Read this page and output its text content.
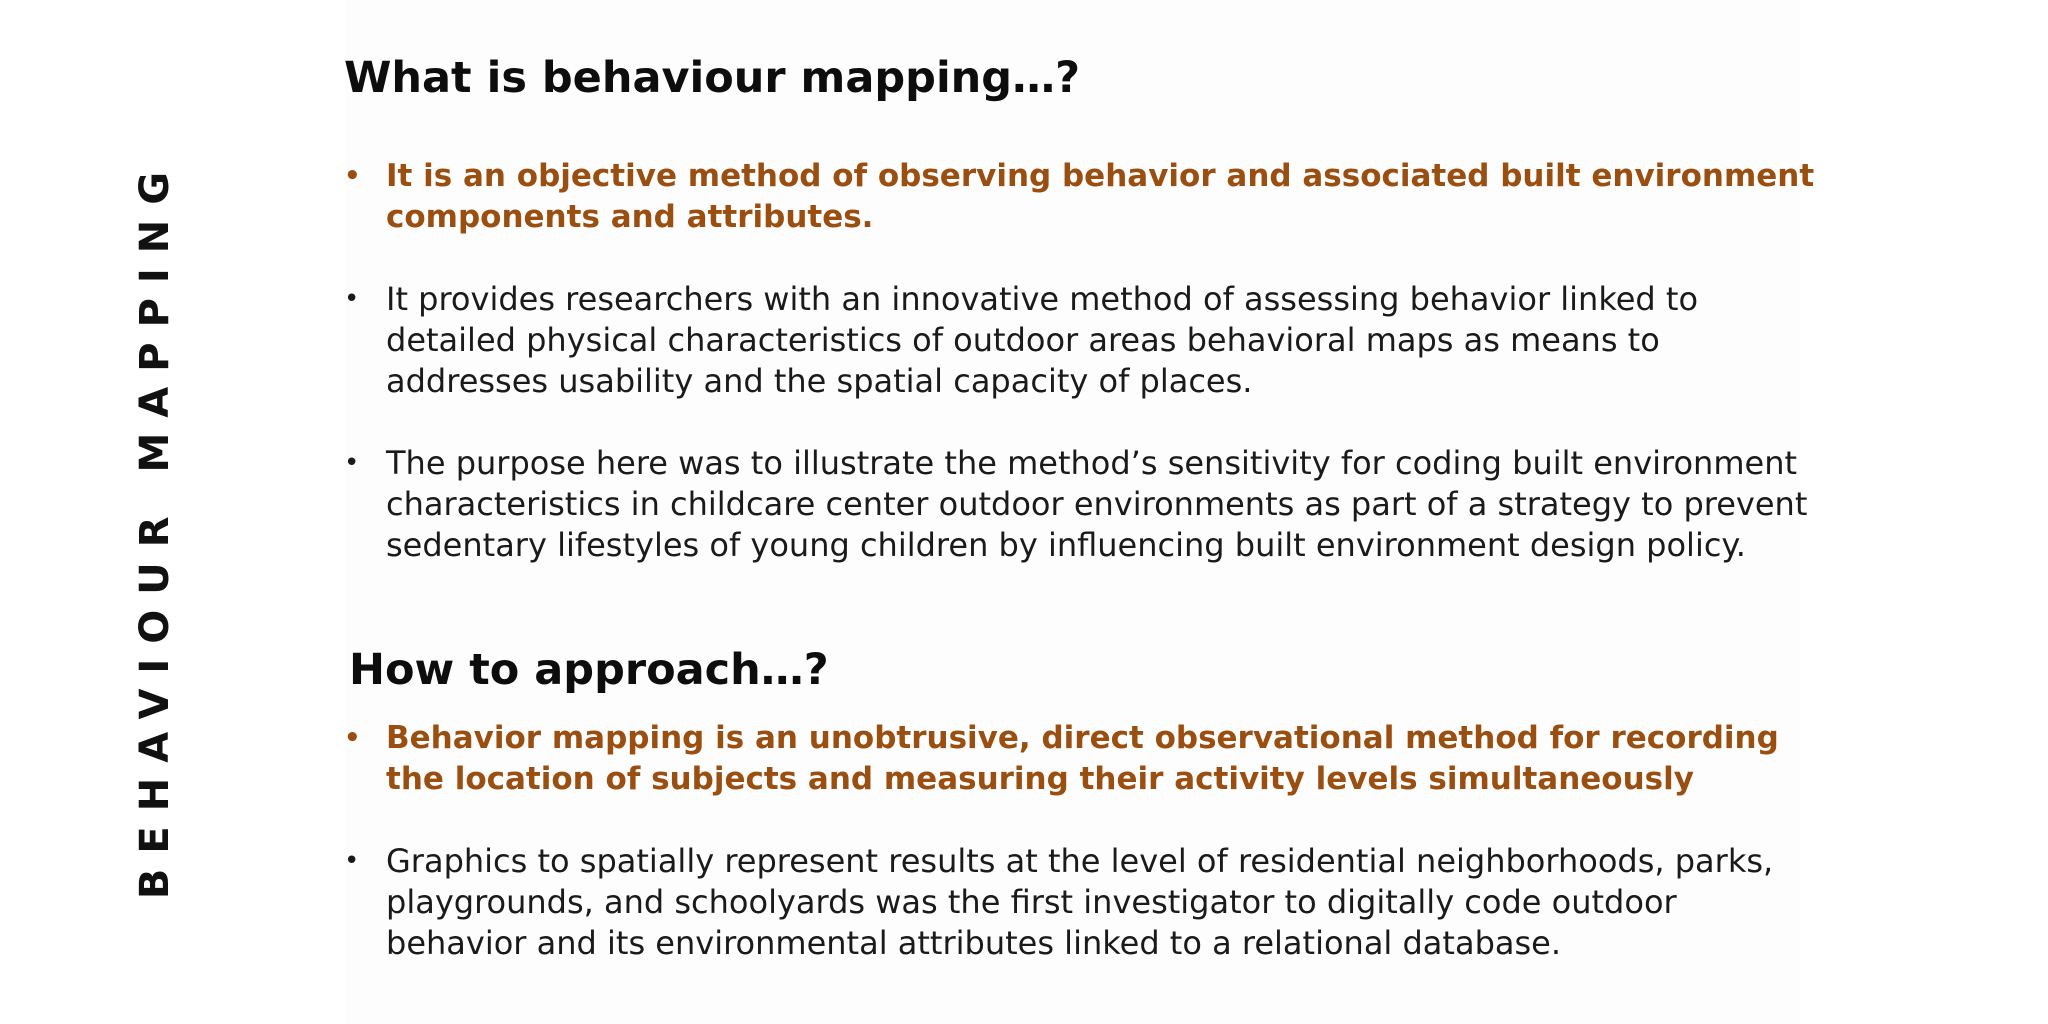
BEHAVIOUR MAPPING
What is behaviour mapping…?
• It is an objective method of observing behavior and associated built environment components and attributes.
• It provides researchers with an innovative method of assessing behavior linked to detailed physical characteristics of outdoor areas behavioral maps as means to addresses usability and the spatial capacity of places.
• The purpose here was to illustrate the method’s sensitivity for coding built environment characteristics in childcare center outdoor environments as part of a strategy to prevent sedentary lifestyles of young children by influencing built environment design policy.
How to approach…?
• Behavior mapping is an unobtrusive, direct observational method for recording the location of subjects and measuring their activity levels simultaneously
• Graphics to spatially represent results at the level of residential neighborhoods, parks, playgrounds, and schoolyards was the first investigator to digitally code outdoor behavior and its environmental attributes linked to a relational database.
